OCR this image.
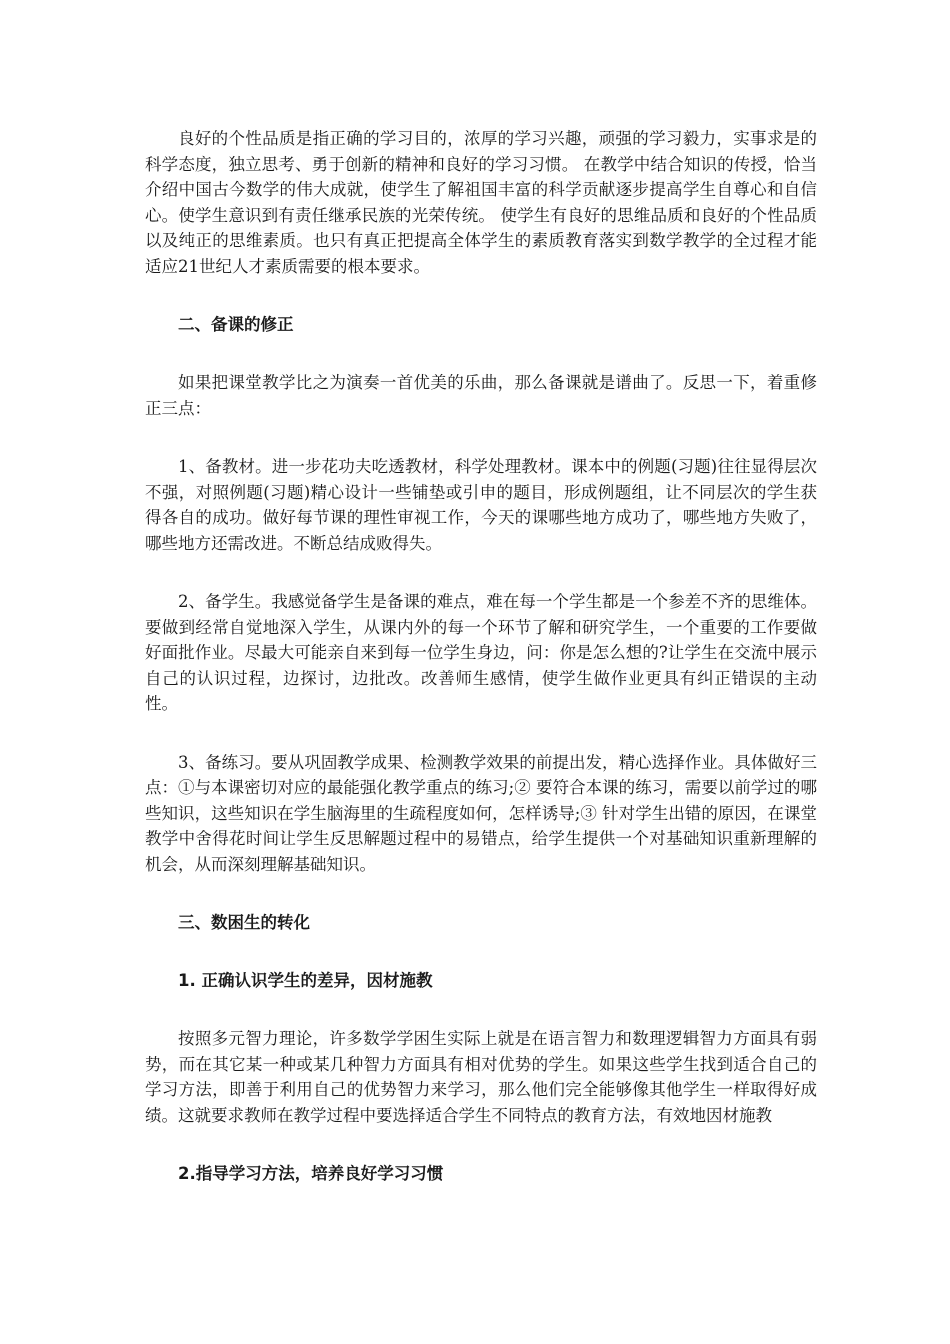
良好的个性品质是指正确的学习目的，浓厚的学习兴趣，顽强的学习毅力，实事求是的科学态度，独立思考、勇于创新的精神和良好的学习习惯。 在教学中结合知识的传授，恰当介绍中国古今数学的伟大成就，使学生了解祖国丰富的科学贡献逐步提高学生自尊心和自信心。使学生意识到有责任继承民族的光荣传统。 使学生有良好的思维品质和良好的个性品质以及纯正的思维素质。也只有真正把提高全体学生的素质教育落实到数学教学的全过程才能适应21世纪人才素质需要的根本要求。

二、备课的修正

如果把课堂教学比之为演奏一首优美的乐曲，那么备课就是谱曲了。反思一下，着重修正三点：

1、备教材。进一步花功夫吃透教材，科学处理教材。课本中的例题(习题)往往显得层次不强，对照例题(习题)精心设计一些铺垫或引申的题目，形成例题组，让不同层次的学生获得各自的成功。做好每节课的理性审视工作，今天的课哪些地方成功了，哪些地方失败了，哪些地方还需改进。不断总结成败得失。

2、备学生。我感觉备学生是备课的难点，难在每一个学生都是一个参差不齐的思维体。要做到经常自觉地深入学生，从课内外的每一个环节了解和研究学生，一个重要的工作要做好面批作业。尽最大可能亲自来到每一位学生身边，问：你是怎么想的?让学生在交流中展示自己的认识过程，边探讨，边批改。改善师生感情，使学生做作业更具有纠正错误的主动性。

3、备练习。要从巩固教学成果、检测教学效果的前提出发，精心选择作业。具体做好三点：①与本课密切对应的最能强化教学重点的练习;② 要符合本课的练习，需要以前学过的哪些知识，这些知识在学生脑海里的生疏程度如何，怎样诱导;③ 针对学生出错的原因，在课堂教学中舍得花时间让学生反思解题过程中的易错点，给学生提供一个对基础知识重新理解的机会，从而深刻理解基础知识。

三、数困生的转化

1. 正确认识学生的差异，因材施教

按照多元智力理论，许多数学学困生实际上就是在语言智力和数理逻辑智力方面具有弱势，而在其它某一种或某几种智力方面具有相对优势的学生。如果这些学生找到适合自己的学习方法，即善于利用自己的优势智力来学习，那么他们完全能够像其他学生一样取得好成绩。这就要求教师在教学过程中要选择适合学生不同特点的教育方法，有效地因材施教

2.指导学习方法，培养良好学习习惯
